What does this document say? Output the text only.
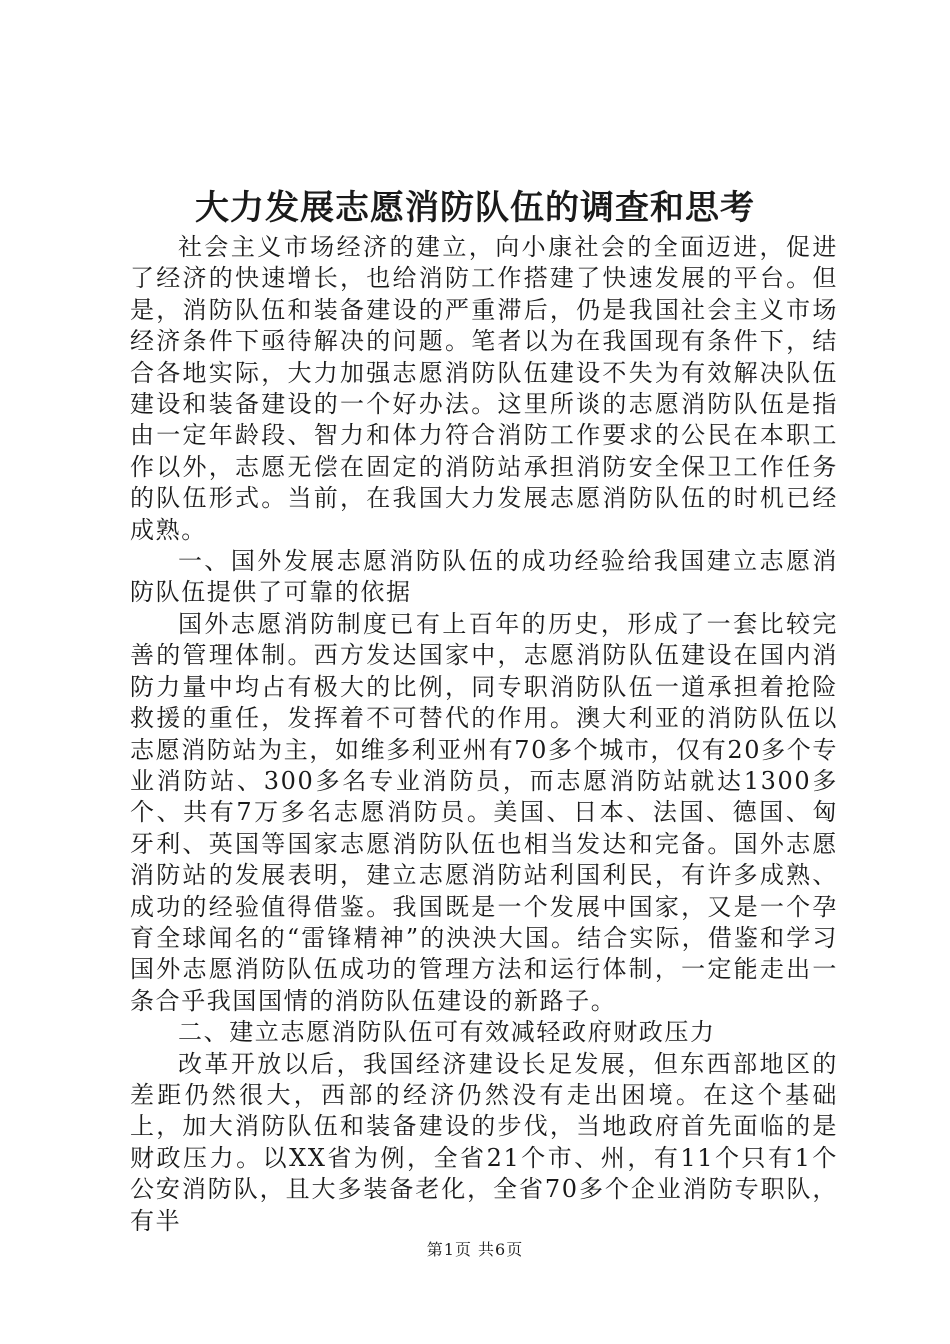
大力发展志愿消防队伍的调查和思考

社会主义市场经济的建立，向小康社会的全面迈进，促进了经济的快速增长，也给消防工作搭建了快速发展的平台。但是，消防队伍和装备建设的严重滞后，仍是我国社会主义市场经济条件下亟待解决的问题。笔者以为在我国现有条件下，结合各地实际，大力加强志愿消防队伍建设不失为有效解决队伍建设和装备建设的一个好办法。这里所谈的志愿消防队伍是指由一定年龄段、智力和体力符合消防工作要求的公民在本职工作以外，志愿无偿在固定的消防站承担消防安全保卫工作任务的队伍形式。当前，在我国大力发展志愿消防队伍的时机已经成熟。

一、国外发展志愿消防队伍的成功经验给我国建立志愿消防队伍提供了可靠的依据

国外志愿消防制度已有上百年的历史，形成了一套比较完善的管理体制。西方发达国家中，志愿消防队伍建设在国内消防力量中均占有极大的比例，同专职消防队伍一道承担着抢险救援的重任，发挥着不可替代的作用。澳大利亚的消防队伍以志愿消防站为主，如维多利亚州有70多个城市，仅有20多个专业消防站、300多名专业消防员，而志愿消防站就达1300多个、共有7万多名志愿消防员。美国、日本、法国、德国、匈牙利、英国等国家志愿消防队伍也相当发达和完备。国外志愿消防站的发展表明，建立志愿消防站利国利民，有许多成熟、成功的经验值得借鉴。我国既是一个发展中国家，又是一个孕育全球闻名的“雷锋精神”的泱泱大国。结合实际，借鉴和学习国外志愿消防队伍成功的管理方法和运行体制，一定能走出一条合乎我国国情的消防队伍建设的新路子。

二、建立志愿消防队伍可有效减轻政府财政压力

改革开放以后，我国经济建设长足发展，但东西部地区的差距仍然很大，西部的经济仍然没有走出困境。在这个基础上，加大消防队伍和装备建设的步伐，当地政府首先面临的是财政压力。以XX省为例，全省21个市、州，有11个只有1个公安消防队，且大多装备老化，全省70多个企业消防专职队，有半

第1页 共6页
